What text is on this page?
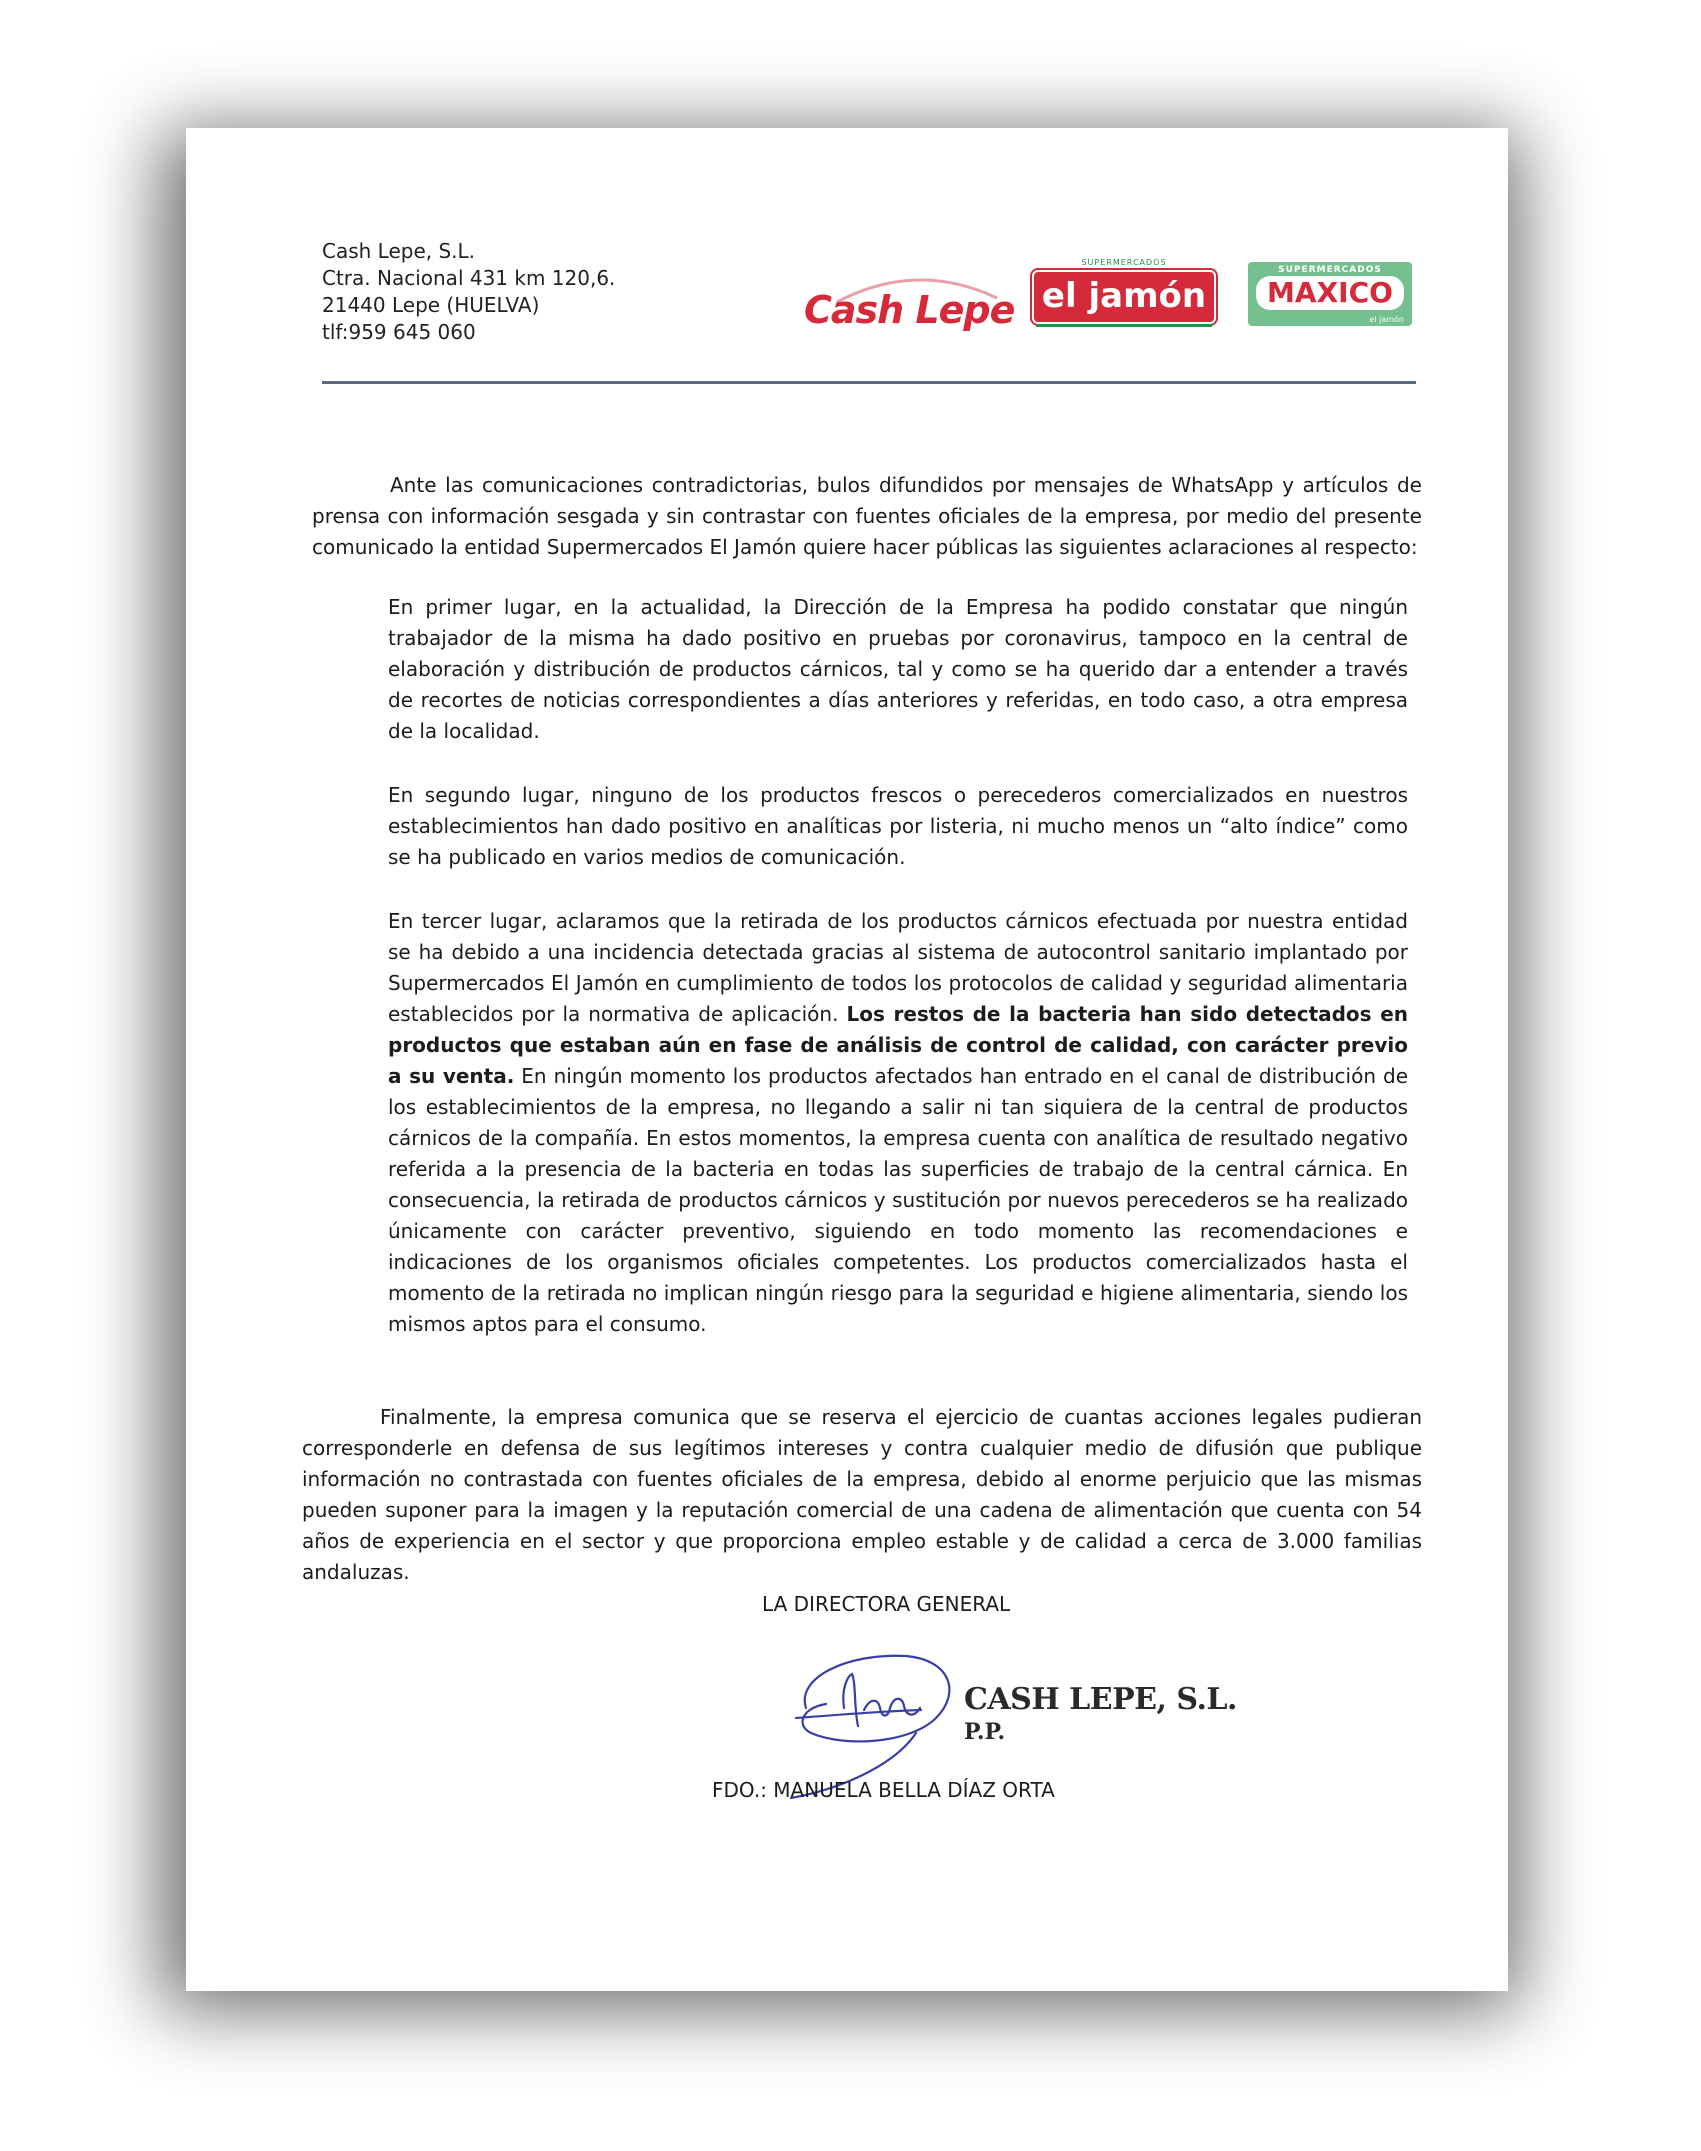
Cash Lepe, S.L.
Ctra. Nacional 431 km 120,6.
21440 Lepe (HUELVA)
tlf:959 645 060	Cash Lepe
SUPERMERCADOS
el jamón
SUPERMERCADOS
MAXICO
el jamón
Ante las comunicaciones contradictorias, bulos difundidos por mensajes de WhatsApp y artículos de prensa con información sesgada y sin contrastar con fuentes oficiales de la empresa, por medio del presente comunicado la entidad Supermercados El Jamón quiere hacer públicas las siguientes aclaraciones al respecto:
En primer lugar, en la actualidad, la Dirección de la Empresa ha podido constatar que ningún trabajador de la misma ha dado positivo en pruebas por coronavirus, tampoco en la central de elaboración y distribución de productos cárnicos, tal y como se ha querido dar a entender a través de recortes de noticias correspondientes a días anteriores y referidas, en todo caso, a otra empresa de la localidad.
En segundo lugar, ninguno de los productos frescos o perecederos comercializados en nuestros establecimientos han dado positivo en analíticas por listeria, ni mucho menos un “alto índice” como se ha publicado en varios medios de comunicación.
En tercer lugar, aclaramos que la retirada de los productos cárnicos efectuada por nuestra entidad se ha debido a una incidencia detectada gracias al sistema de autocontrol sanitario implantado por Supermercados El Jamón en cumplimiento de todos los protocolos de calidad y seguridad alimentaria establecidos por la normativa de aplicación. Los restos de la bacteria han sido detectados en productos que estaban aún en fase de análisis de control de calidad, con carácter previo a su venta. En ningún momento los productos afectados han entrado en el canal de distribución de los establecimientos de la empresa, no llegando a salir ni tan siquiera de la central de productos cárnicos de la compañía. En estos momentos, la empresa cuenta con analítica de resultado negativo referida a la presencia de la bacteria en todas las superficies de trabajo de la central cárnica. En consecuencia, la retirada de productos cárnicos y sustitución por nuevos perecederos se ha realizado únicamente con carácter preventivo, siguiendo en todo momento las recomendaciones e indicaciones de los organismos oficiales competentes. Los productos comercializados hasta el momento de la retirada no implican ningún riesgo para la seguridad e higiene alimentaria, siendo los mismos aptos para el consumo.
Finalmente, la empresa comunica que se reserva el ejercicio de cuantas acciones legales pudieran corresponderle en defensa de sus legítimos intereses y contra cualquier medio de difusión que publique información no contrastada con fuentes oficiales de la empresa, debido al enorme perjuicio que las mismas pueden suponer para la imagen y la reputación comercial de una cadena de alimentación que cuenta con 54 años de experiencia en el sector y que proporciona empleo estable y de calidad a cerca de 3.000 familias andaluzas.
LA DIRECTORA GENERAL
CASH LEPE, S.L.
P.P.
FDO.: MANUELA BELLA DÍAZ ORTA
